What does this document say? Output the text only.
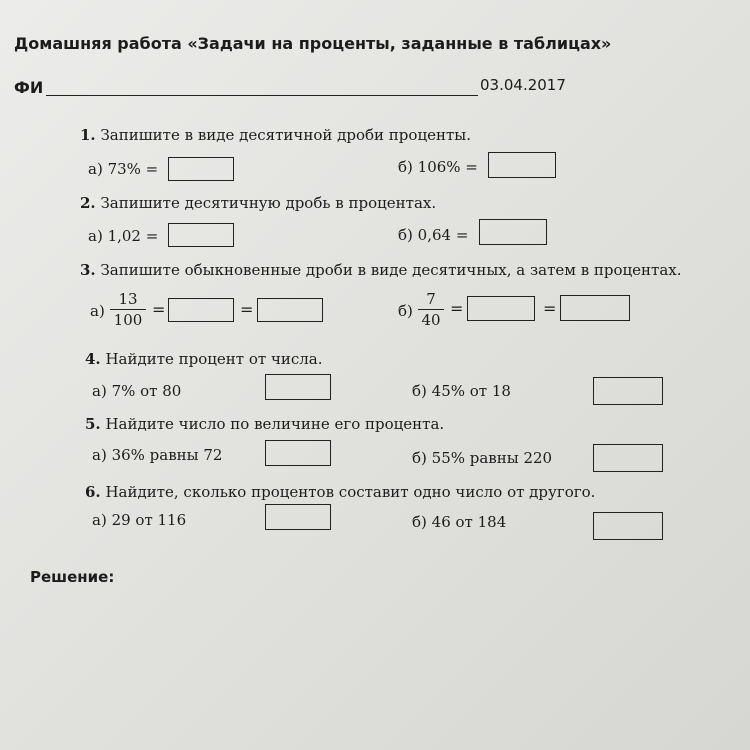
Домашняя работа «Задачи на проценты, заданные в таблицах»
ФИ	03.04.2017
1. Запишите в виде десятичной дроби проценты.
а) 73% =	б) 106% =
2. Запишите десятичную дробь в процентах.
а) 1,02 =	б) 0,64 =
3. Запишите обыкновенные дроби в виде десятичных, а затем в процентах.
а)
13
100
=	=	б)
7
40
=	=
4. Найдите процент от числа.
а) 7% от 80	б) 45% от 18
5. Найдите число по величине его процента.
а) 36% равны 72	б) 55% равны 220
6. Найдите, сколько процентов составит одно число от другого.
а) 29 от 116	б) 46 от 184
Решение:
